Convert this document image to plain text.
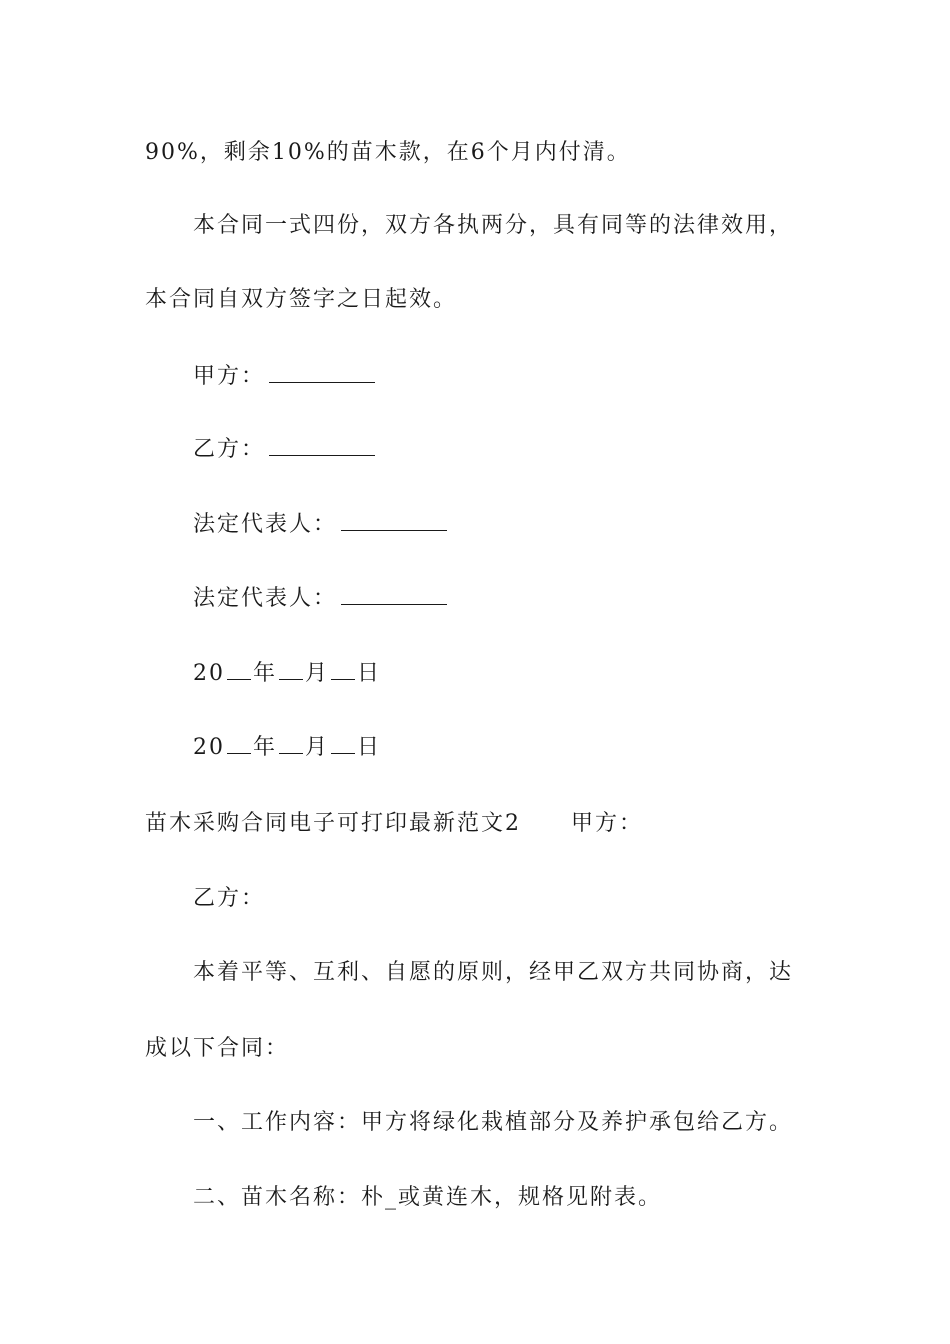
90%，剩余10%的苗木款，在6个月内付清。
本合同一式四份，双方各执两分，具有同等的法律效用，
本合同自双方签字之日起效。
甲方：
乙方：
法定代表人：
法定代表人：
20 年 月 日
20 年 月 日
苗木采购合同电子可打印最新范文2 甲方：
乙方：
本着平等、互利、自愿的原则，经甲乙双方共同协商，达
成以下合同：
一、工作内容：甲方将绿化栽植部分及养护承包给乙方。
二、苗木名称：朴_或黄连木，规格见附表。
